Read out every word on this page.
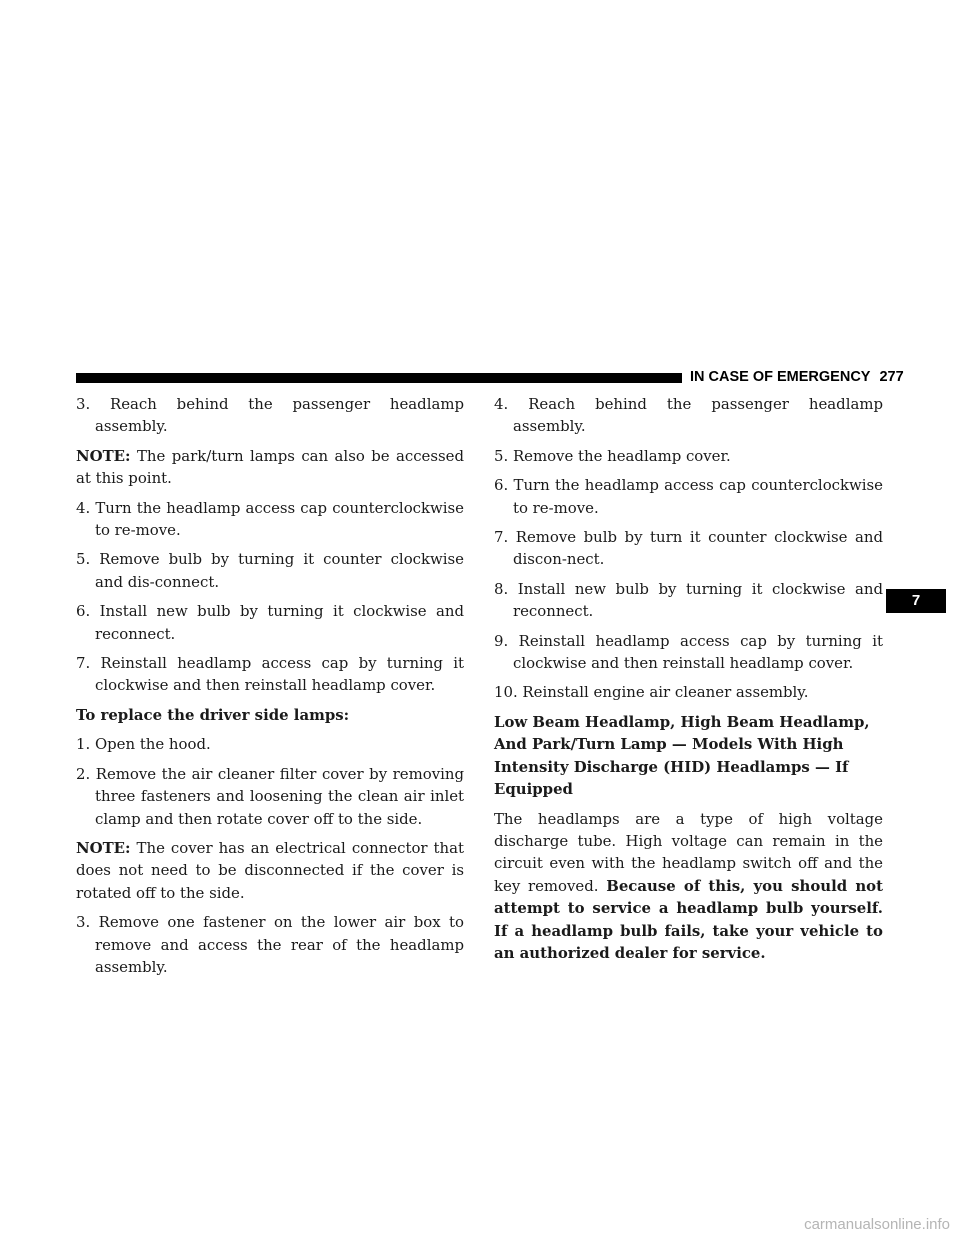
IN CASE OF EMERGENCY 277

3. Reach behind the passenger headlamp assembly.

NOTE: The park/turn lamps can also be accessed at this point.

4. Turn the headlamp access cap counterclockwise to re-move.

5. Remove bulb by turning it counter clockwise and dis-connect.

6. Install new bulb by turning it clockwise and reconnect.

7. Reinstall headlamp access cap by turning it clockwise and then reinstall headlamp cover.

To replace the driver side lamps:

1. Open the hood.

2. Remove the air cleaner filter cover by removing three fasteners and loosening the clean air inlet clamp and then rotate cover off to the side.

NOTE: The cover has an electrical connector that does not need to be disconnected if the cover is rotated off to the side.

3. Remove one fastener on the lower air box to remove and access the rear of the headlamp assembly.

4. Reach behind the passenger headlamp assembly.

5. Remove the headlamp cover.

6. Turn the headlamp access cap counterclockwise to re-move.

7. Remove bulb by turn it counter clockwise and discon-nect.

8. Install new bulb by turning it clockwise and reconnect.

9. Reinstall headlamp access cap by turning it clockwise and then reinstall headlamp cover.

10. Reinstall engine air cleaner assembly.

Low Beam Headlamp, High Beam Headlamp, And Park/Turn Lamp — Models With High Intensity Discharge (HID) Headlamps — If Equipped

The headlamps are a type of high voltage discharge tube. High voltage can remain in the circuit even with the headlamp switch off and the key removed. Because of this, you should not attempt to service a headlamp bulb yourself. If a headlamp bulb fails, take your vehicle to an authorized dealer for service.

7
carmanualsonline.info
